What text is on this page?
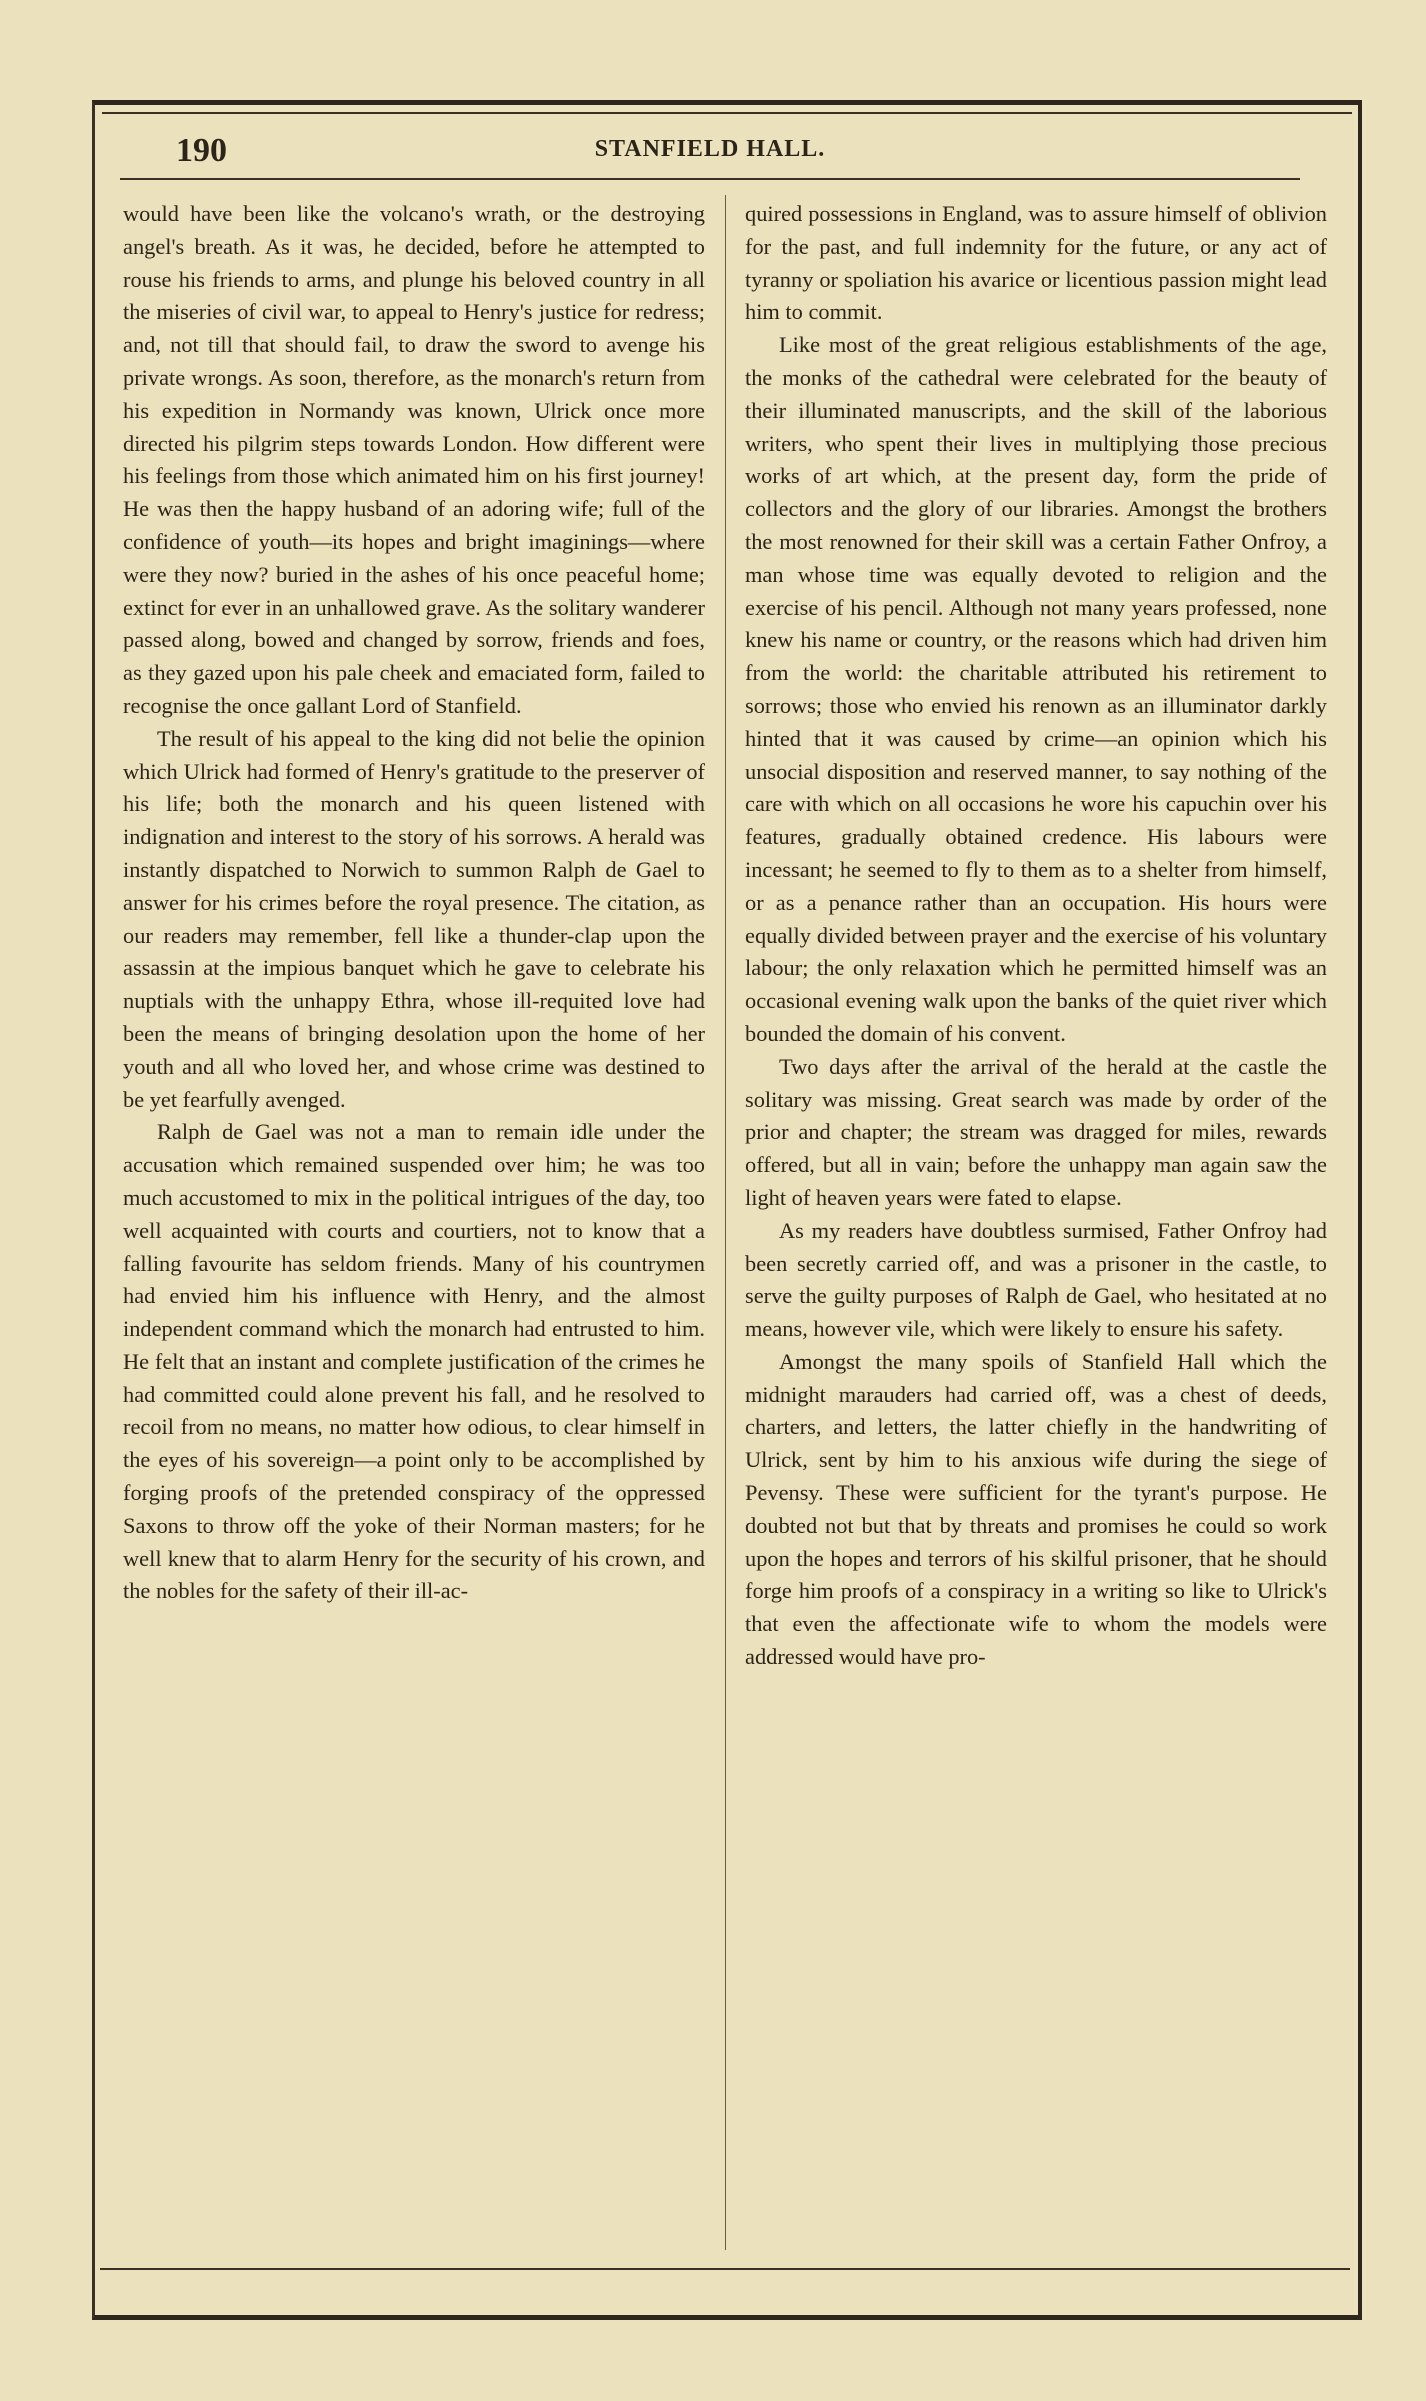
190	STANFIELD HALL.

would have been like the volcano's wrath, or the destroying angel's breath. As it was, he decided, before he attempted to rouse his friends to arms, and plunge his beloved country in all the miseries of civil war, to appeal to Henry's justice for redress; and, not till that should fail, to draw the sword to avenge his private wrongs. As soon, therefore, as the monarch's return from his expedition in Normandy was known, Ulrick once more directed his pilgrim steps towards London. How different were his feelings from those which animated him on his first journey! He was then the happy husband of an adoring wife; full of the confidence of youth—its hopes and bright imaginings—where were they now? buried in the ashes of his once peaceful home; extinct for ever in an unhallowed grave. As the solitary wanderer passed along, bowed and changed by sorrow, friends and foes, as they gazed upon his pale cheek and emaciated form, failed to recognise the once gallant Lord of Stanfield.

The result of his appeal to the king did not belie the opinion which Ulrick had formed of Henry's gratitude to the preserver of his life; both the monarch and his queen listened with indignation and interest to the story of his sorrows. A herald was instantly dispatched to Norwich to summon Ralph de Gael to answer for his crimes before the royal presence. The citation, as our readers may remember, fell like a thunder-clap upon the assassin at the impious banquet which he gave to celebrate his nuptials with the unhappy Ethra, whose ill-requited love had been the means of bringing desolation upon the home of her youth and all who loved her, and whose crime was destined to be yet fearfully avenged.

Ralph de Gael was not a man to remain idle under the accusation which remained suspended over him; he was too much accustomed to mix in the political intrigues of the day, too well acquainted with courts and courtiers, not to know that a falling favourite has seldom friends. Many of his countrymen had envied him his influence with Henry, and the almost independent command which the monarch had entrusted to him. He felt that an instant and complete justification of the crimes he had committed could alone prevent his fall, and he resolved to recoil from no means, no matter how odious, to clear himself in the eyes of his sovereign—a point only to be accomplished by forging proofs of the pretended conspiracy of the oppressed Saxons to throw off the yoke of their Norman masters; for he well knew that to alarm Henry for the security of his crown, and the nobles for the safety of their ill-ac-

quired possessions in England, was to assure himself of oblivion for the past, and full indemnity for the future, or any act of tyranny or spoliation his avarice or licentious passion might lead him to commit.

Like most of the great religious establishments of the age, the monks of the cathedral were celebrated for the beauty of their illuminated manuscripts, and the skill of the laborious writers, who spent their lives in multiplying those precious works of art which, at the present day, form the pride of collectors and the glory of our libraries. Amongst the brothers the most renowned for their skill was a certain Father Onfroy, a man whose time was equally devoted to religion and the exercise of his pencil. Although not many years professed, none knew his name or country, or the reasons which had driven him from the world: the charitable attributed his retirement to sorrows; those who envied his renown as an illuminator darkly hinted that it was caused by crime—an opinion which his unsocial disposition and reserved manner, to say nothing of the care with which on all occasions he wore his capuchin over his features, gradually obtained credence. His labours were incessant; he seemed to fly to them as to a shelter from himself, or as a penance rather than an occupation. His hours were equally divided between prayer and the exercise of his voluntary labour; the only relaxation which he permitted himself was an occasional evening walk upon the banks of the quiet river which bounded the domain of his convent.

Two days after the arrival of the herald at the castle the solitary was missing. Great search was made by order of the prior and chapter; the stream was dragged for miles, rewards offered, but all in vain; before the unhappy man again saw the light of heaven years were fated to elapse.

As my readers have doubtless surmised, Father Onfroy had been secretly carried off, and was a prisoner in the castle, to serve the guilty purposes of Ralph de Gael, who hesitated at no means, however vile, which were likely to ensure his safety.

Amongst the many spoils of Stanfield Hall which the midnight marauders had carried off, was a chest of deeds, charters, and letters, the latter chiefly in the handwriting of Ulrick, sent by him to his anxious wife during the siege of Pevensy. These were sufficient for the tyrant's purpose. He doubted not but that by threats and promises he could so work upon the hopes and terrors of his skilful prisoner, that he should forge him proofs of a conspiracy in a writing so like to Ulrick's that even the affectionate wife to whom the models were addressed would have pro-
